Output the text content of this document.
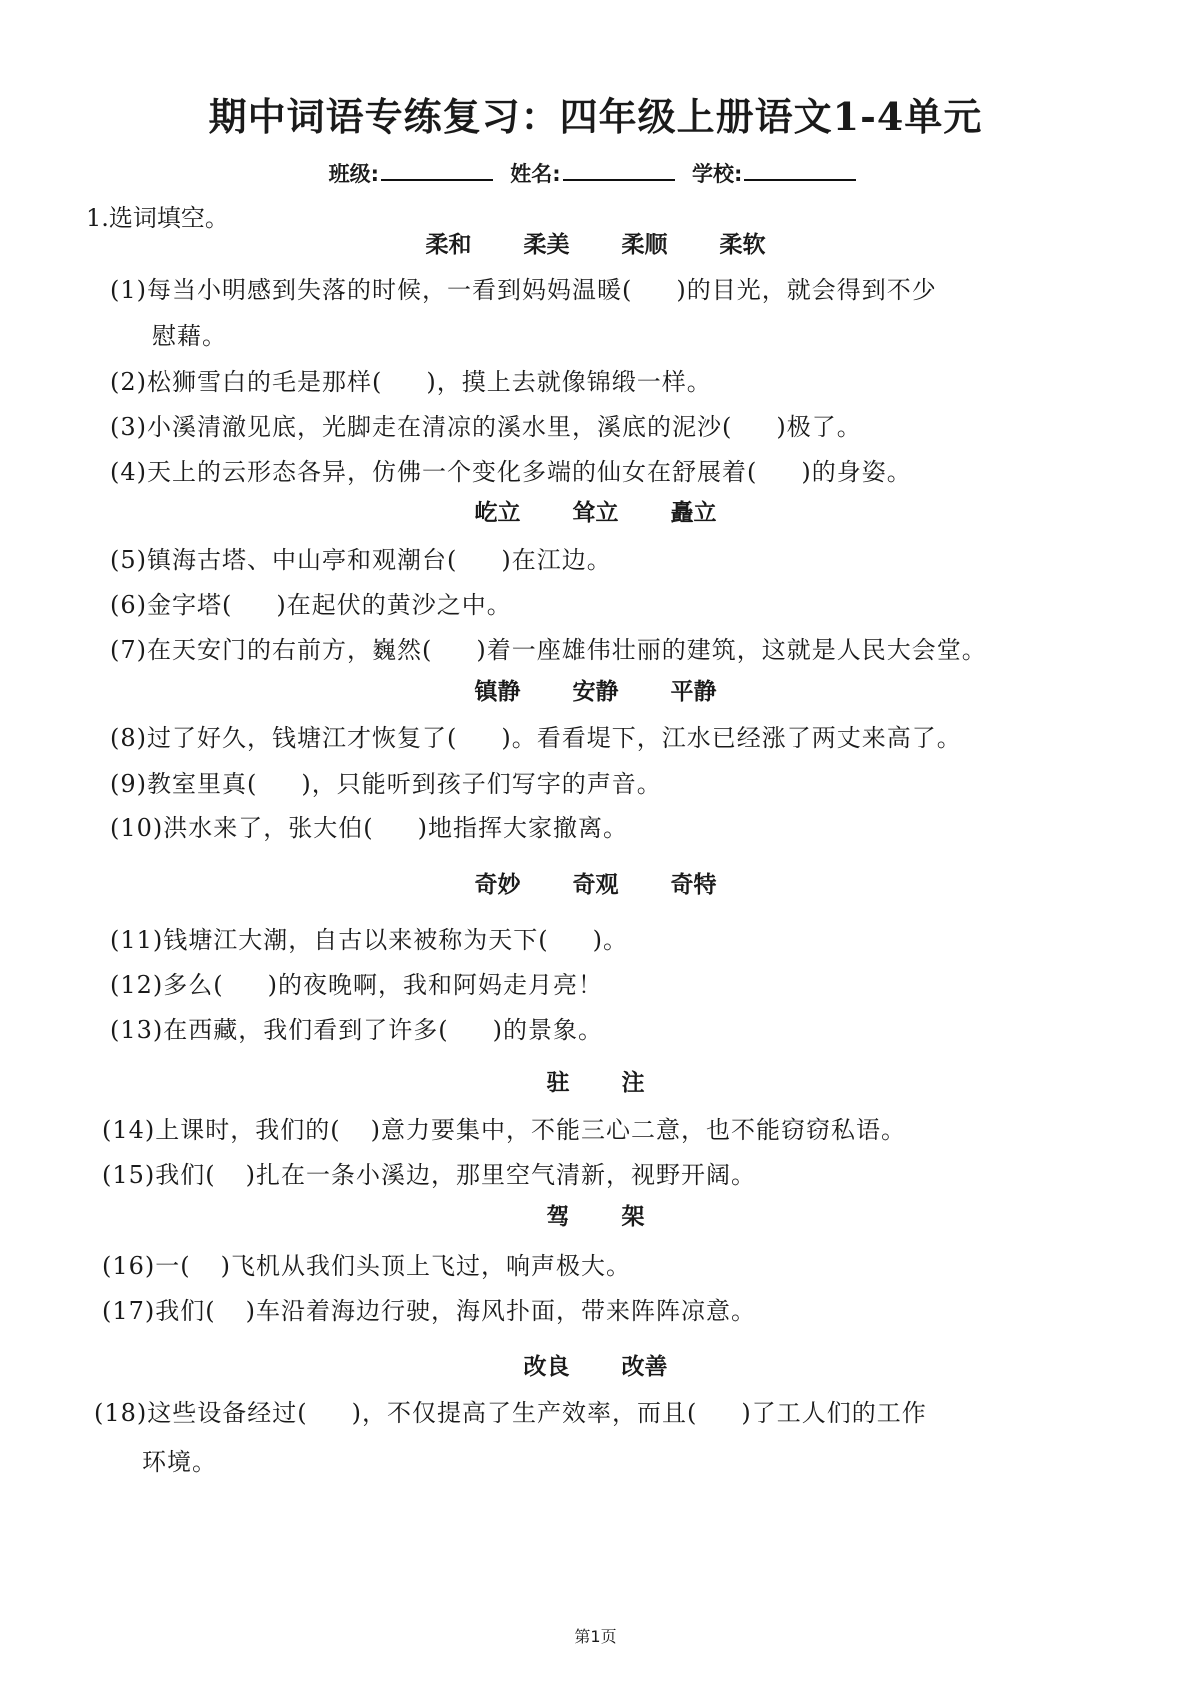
期中词语专练复习：四年级上册语文1-4单元
班级:	姓名:	学校:
1.选词填空。
柔和 柔美 柔顺 柔软
(1)每当小明感到失落的时候，一看到妈妈温暖( )的目光，就会得到不少
慰藉。
(2)松狮雪白的毛是那样( )，摸上去就像锦缎一样。
(3)小溪清澈见底，光脚走在清凉的溪水里，溪底的泥沙( )极了。
(4)天上的云形态各异，仿佛一个变化多端的仙女在舒展着( )的身姿。
屹立 耸立 矗立
(5)镇海古塔、中山亭和观潮台( )在江边。
(6)金字塔( )在起伏的黄沙之中。
(7)在天安门的右前方，巍然( )着一座雄伟壮丽的建筑，这就是人民大会堂。
镇静 安静 平静
(8)过了好久，钱塘江才恢复了( )。看看堤下，江水已经涨了两丈来高了。
(9)教室里真( )，只能听到孩子们写字的声音。
(10)洪水来了，张大伯( )地指挥大家撤离。
奇妙 奇观 奇特
(11)钱塘江大潮，自古以来被称为天下( )。
(12)多么( )的夜晚啊，我和阿妈走月亮！
(13)在西藏，我们看到了许多( )的景象。
驻 注
(14)上课时，我们的( )意力要集中，不能三心二意，也不能窃窃私语。
(15)我们( )扎在一条小溪边，那里空气清新，视野开阔。
驾 架
(16)一( )飞机从我们头顶上飞过，响声极大。
(17)我们( )车沿着海边行驶，海风扑面，带来阵阵凉意。
改良 改善
(18)这些设备经过( )，不仅提高了生产效率，而且( )了工人们的工作
环境。
第1页
